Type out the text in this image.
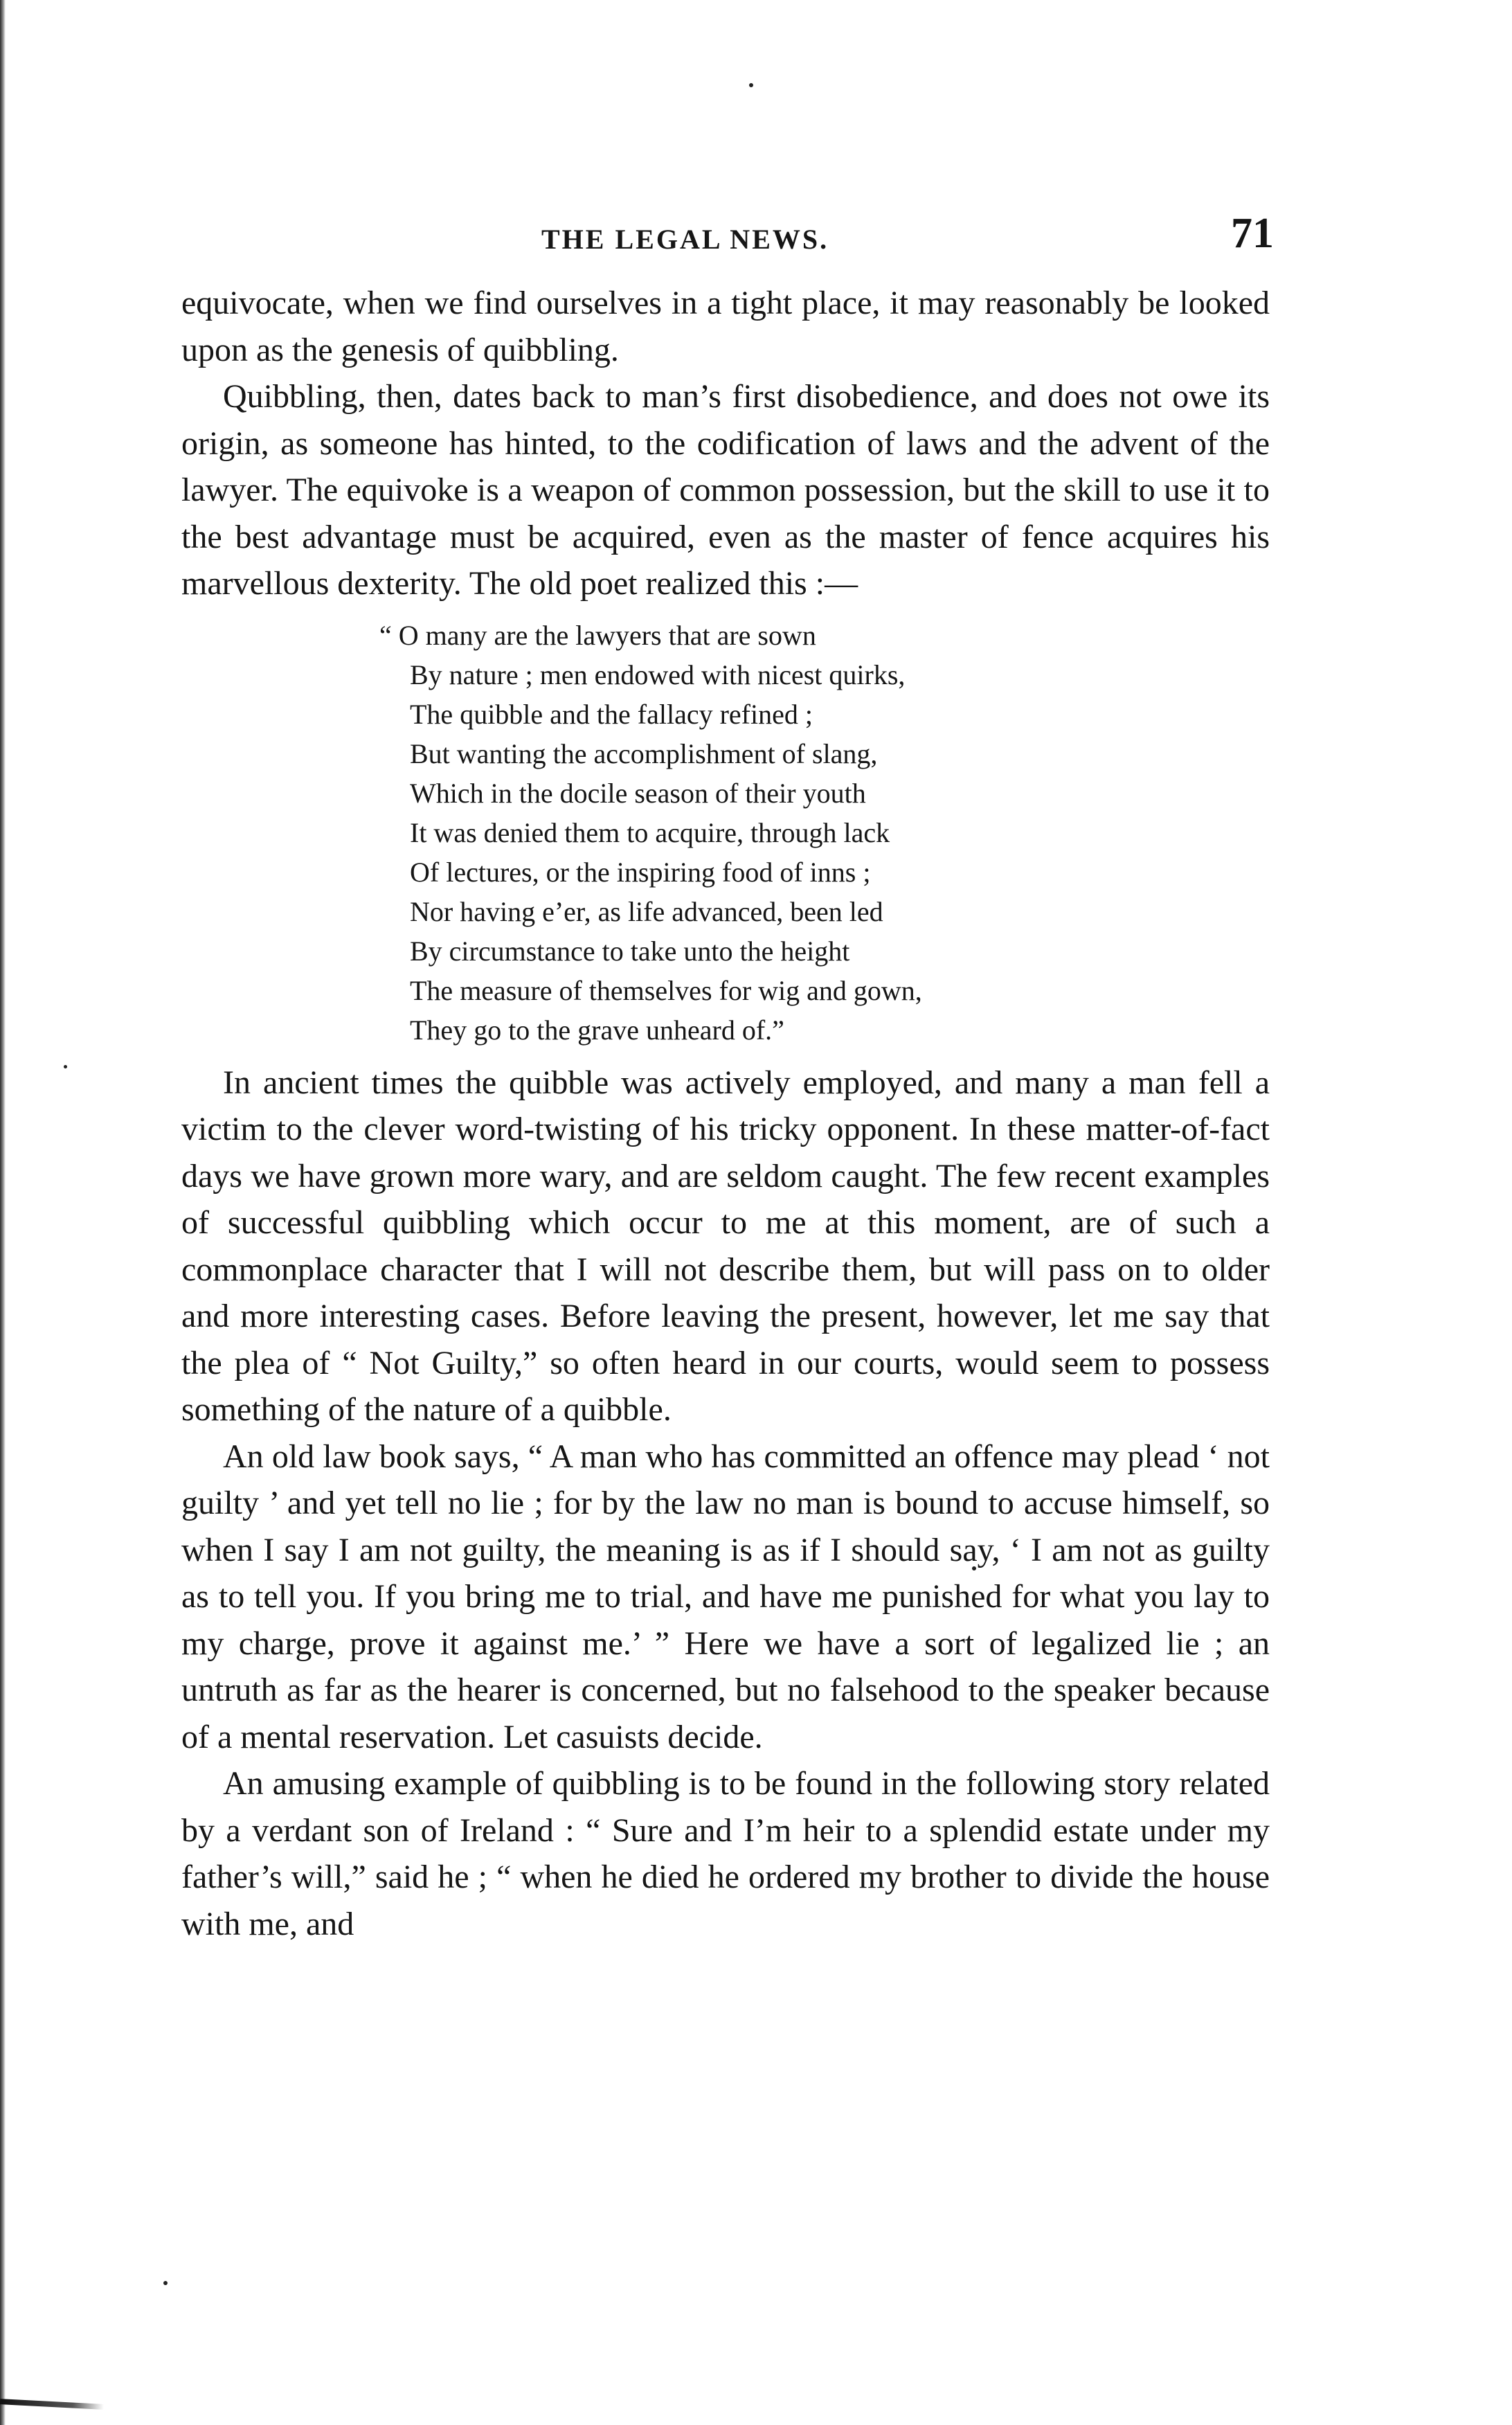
THE LEGAL NEWS.	71

equivocate, when we find ourselves in a tight place, it may reasonably be looked upon as the genesis of quibbling.

Quibbling, then, dates back to man’s first disobedience, and does not owe its origin, as someone has hinted, to the codification of laws and the advent of the lawyer. The equivoke is a weapon of common possession, but the skill to use it to the best advantage must be acquired, even as the master of fence acquires his marvellous dexterity. The old poet realized this :—

“ O many are the lawyers that are sown
By nature ; men endowed with nicest quirks,
The quibble and the fallacy refined ;
But wanting the accomplishment of slang,
Which in the docile season of their youth
It was denied them to acquire, through lack
Of lectures, or the inspiring food of inns ;
Nor having e’er, as life advanced, been led
By circumstance to take unto the height
The measure of themselves for wig and gown,
They go to the grave unheard of.”

In ancient times the quibble was actively employed, and many a man fell a victim to the clever word-twisting of his tricky opponent. In these matter-of-fact days we have grown more wary, and are seldom caught. The few recent examples of successful quibbling which occur to me at this moment, are of such a commonplace character that I will not describe them, but will pass on to older and more interesting cases. Before leaving the present, however, let me say that the plea of “ Not Guilty,” so often heard in our courts, would seem to possess something of the nature of a quibble.

An old law book says, “ A man who has committed an offence may plead ‘ not guilty ’ and yet tell no lie ; for by the law no man is bound to accuse himself, so when I say I am not guilty, the meaning is as if I should say, ‘ I am not as guilty as to tell you. If you bring me to trial, and have me punished for what you lay to my charge, prove it against me.’ ” Here we have a sort of legalized lie ; an untruth as far as the hearer is concerned, but no falsehood to the speaker because of a mental reservation. Let casuists decide.

An amusing example of quibbling is to be found in the following story related by a verdant son of Ireland : “ Sure and I’m heir to a splendid estate under my father’s will,” said he ; “ when he died he ordered my brother to divide the house with me, and
